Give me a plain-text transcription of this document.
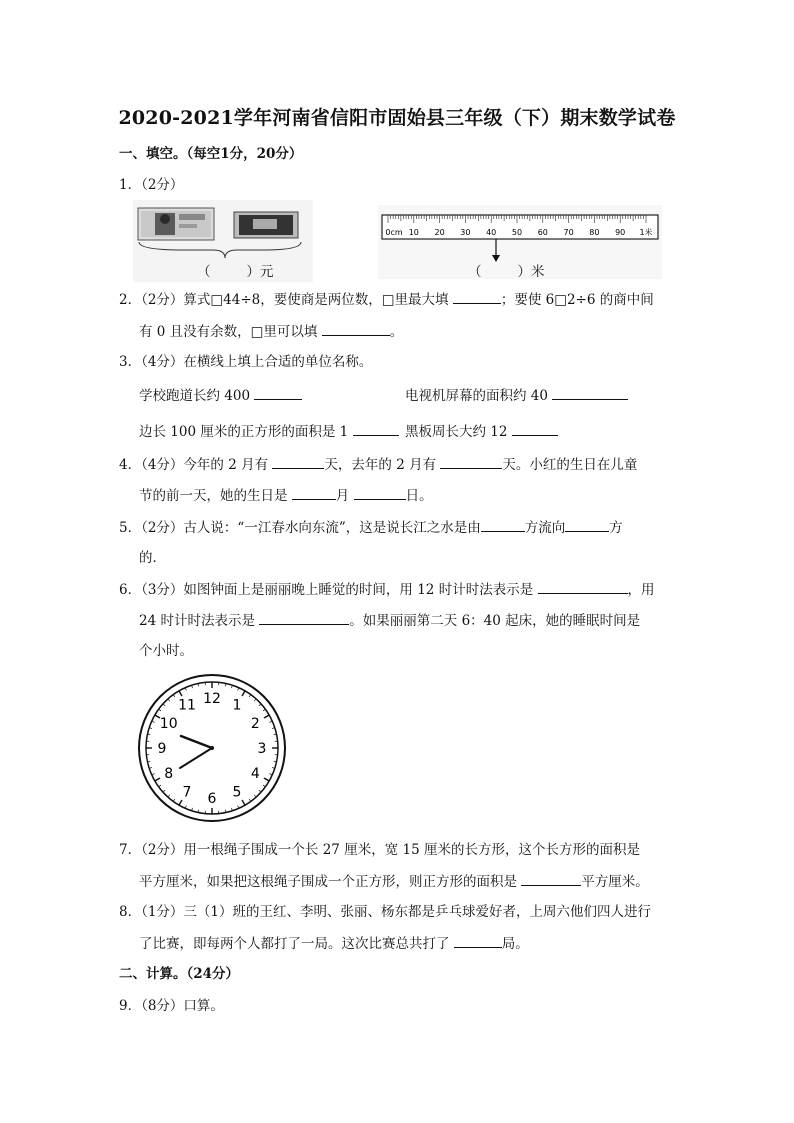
2020-2021学年河南省信阳市固始县三年级（下）期末数学试卷
一、填空。（每空1分，20分）
1．（2分）
（	）元
0cm 10 20 30 40 50 60 70 80 90 1米
（	）米
2．（2分）算式□44÷8，要使商是两位数，□里最大填	；要使 6□2÷6 的商中间
有 0 且没有余数，□里可以填	。
3．（4分）在横线上填上合适的单位名称。
学校跑道长约 400	电视机屏幕的面积约 40
边长 100 厘米的正方形的面积是 1	黑板周长大约 12
4．（4分）今年的 2 月有	天，去年的 2 月有	天。小红的生日在儿童
节的前一天，她的生日是	月	日。
5．（2分）古人说：“一江春水向东流”，这是说长江之水是由	方流向	方
的．
6．（3分）如图钟面上是丽丽晚上睡觉的时间，用 12 时计时法表示是	，用
24 时计时法表示是	。如果丽丽第二天 6：40 起床，她的睡眠时间是
个小时。
12 1
2
3
4
5
6
7
8
9
10
11
7．（2分）用一根绳子围成一个长 27 厘米，宽 15 厘米的长方形，这个长方形的面积是
平方厘米，如果把这根绳子围成一个正方形，则正方形的面积是	平方厘米。
8．（1分）三（1）班的王红、李明、张丽、杨东都是乒乓球爱好者，上周六他们四人进行
了比赛，即每两个人都打了一局。这次比赛总共打了	局。
二、计算。（24分）
9．（8分）口算。
